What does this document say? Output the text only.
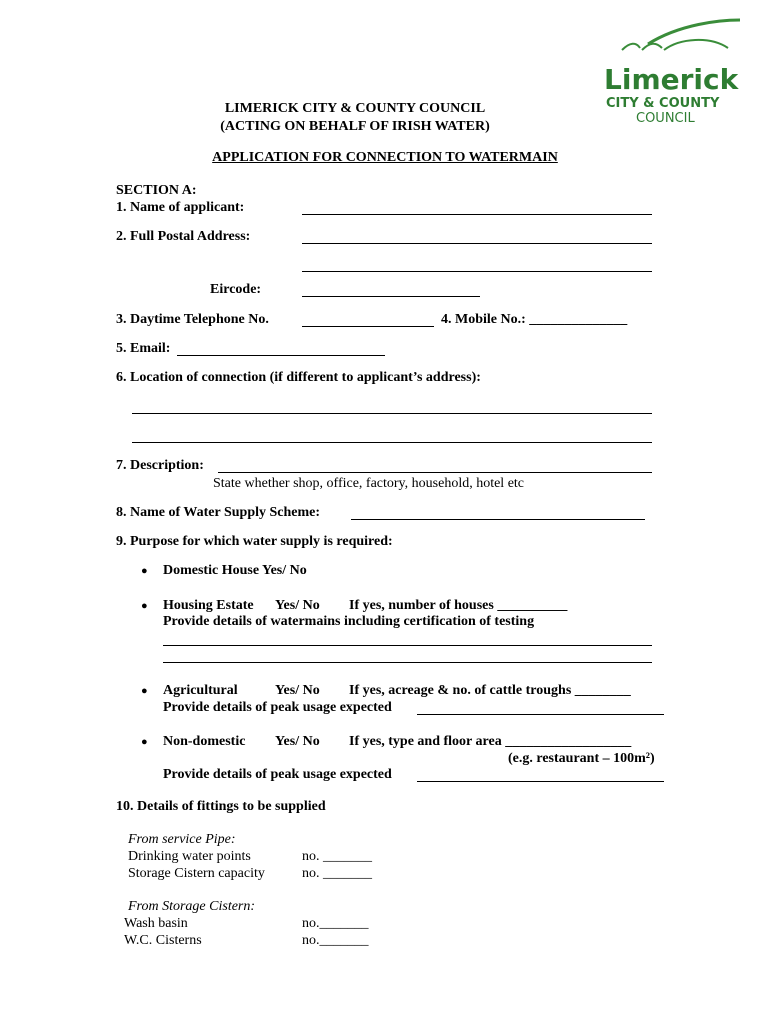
Limerick
CITY & COUNTY
COUNCIL
LIMERICK CITY & COUNTY COUNCIL
(ACTING ON BEHALF OF IRISH WATER)
APPLICATION FOR CONNECTION TO WATERMAIN
SECTION A:
1. Name of applicant:
2. Full Postal Address:
Eircode:
3. Daytime Telephone No.	4. Mobile No.: ______________
5. Email:
6. Location of connection (if different to applicant’s address):
7. Description:
State whether shop, office, factory, household, hotel etc
8. Name of Water Supply Scheme:
9. Purpose for which water supply is required:
● Domestic House Yes/ No
● Housing Estate Yes/ No If yes, number of houses __________
Provide details of watermains including certification of testing
● Agricultural	Yes/ No If yes, acreage & no. of cattle troughs ________
Provide details of peak usage expected
● Non-domestic Yes/ No If yes, type and floor area __________________
(e.g. restaurant – 100m²)
Provide details of peak usage expected
10. Details of fittings to be supplied
From service Pipe:
Drinking water points	no. _______
Storage Cistern capacity	no. _______
From Storage Cistern:
Wash basin	no._______
W.C. Cisterns	no._______
